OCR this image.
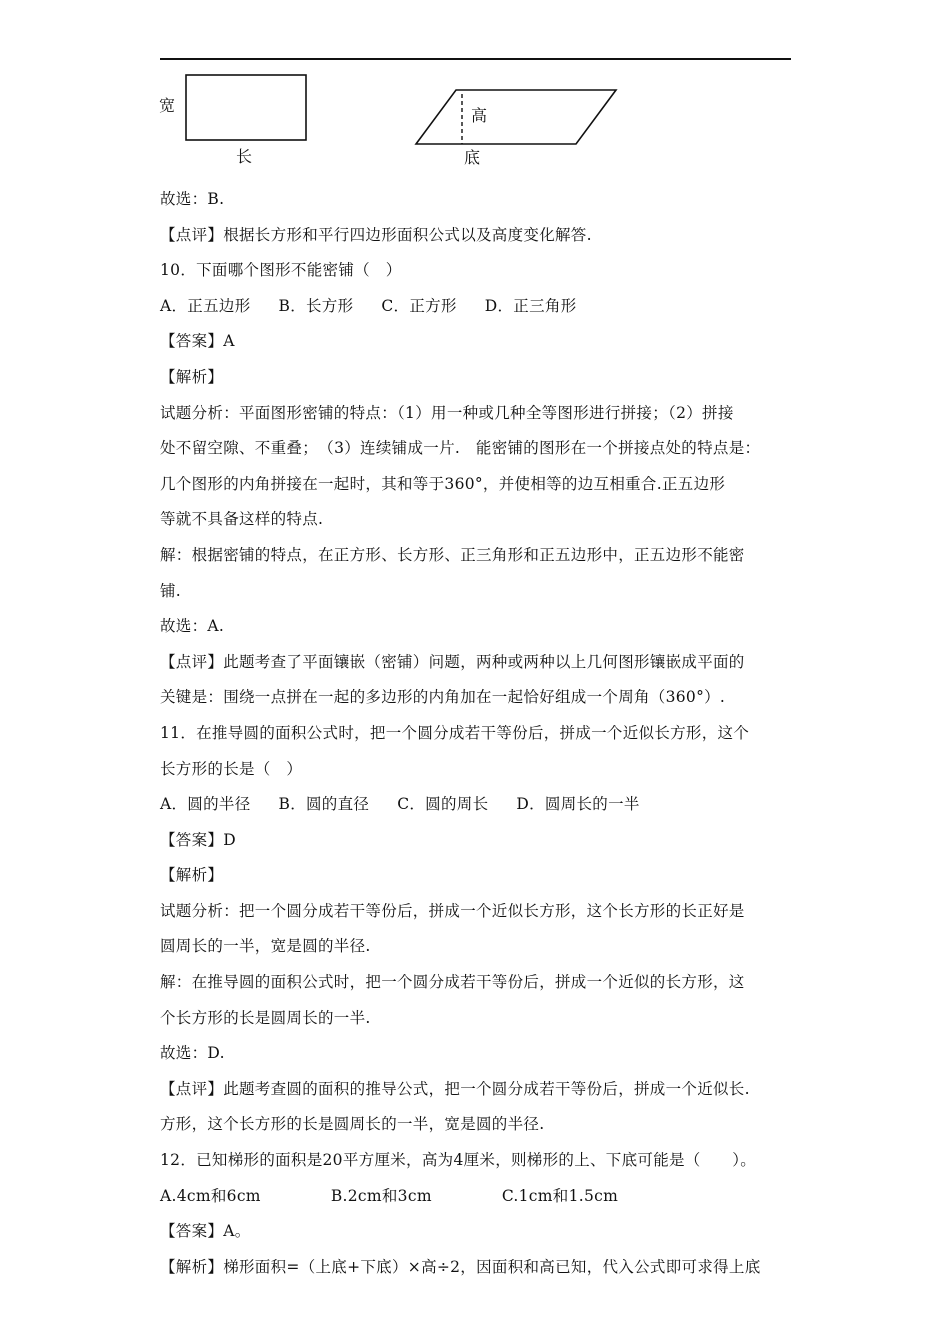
宽
长
高
底
故选：B.
【点评】根据长方形和平行四边形面积公式以及高度变化解答.
10．下面哪个图形不能密铺（　）
A．正五边形 B．长方形 C．正方形 D．正三角形
【答案】A
【解析】
试题分析：平面图形密铺的特点：（1）用一种或几种全等图形进行拼接；（2）拼接
处不留空隙、不重叠；　（3）连续铺成一片.　能密铺的图形在一个拼接点处的特点是：
几个图形的内角拼接在一起时，其和等于360°，并使相等的边互相重合.正五边形
等就不具备这样的特点.
解：根据密铺的特点，在正方形、长方形、正三角形和正五边形中，正五边形不能密
铺.
故选：A.
【点评】此题考查了平面镶嵌（密铺）问题，两种或两种以上几何图形镶嵌成平面的
关键是：围绕一点拼在一起的多边形的内角加在一起恰好组成一个周角（360°）.
11．在推导圆的面积公式时，把一个圆分成若干等份后，拼成一个近似长方形，这个
长方形的长是（　）
A．圆的半径 B．圆的直径 C．圆的周长 D．圆周长的一半
【答案】D
【解析】
试题分析：把一个圆分成若干等份后，拼成一个近似长方形，这个长方形的长正好是
圆周长的一半，宽是圆的半径.
解：在推导圆的面积公式时，把一个圆分成若干等份后，拼成一个近似的长方形，这
个长方形的长是圆周长的一半.
故选：D.
【点评】此题考查圆的面积的推导公式，把一个圆分成若干等份后，拼成一个近似长.
方形，这个长方形的长是圆周长的一半，宽是圆的半径.
12．已知梯形的面积是20平方厘米，高为4厘米，则梯形的上、下底可能是（　　）。
A.4cm和6cm	B.2cm和3cm	C.1cm和1.5cm
【答案】A。
【解析】梯形面积=（上底+下底）×高÷2，因面积和高已知，代入公式即可求得上底
